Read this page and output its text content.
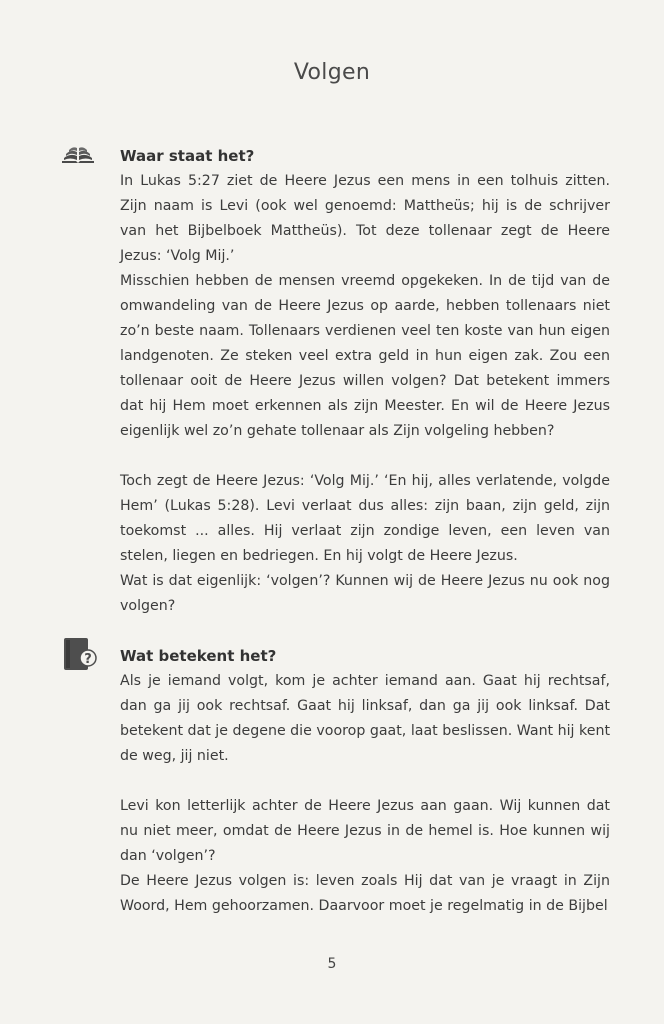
Volgen

Waar staat het?

In Lukas 5:27 ziet de Heere Jezus een mens in een tolhuis zitten. Zijn naam is Levi (ook wel genoemd: Mattheüs; hij is de schrijver van het Bijbelboek Mattheüs). Tot deze tollenaar zegt de Heere Jezus: ‘Volg Mij.’

Misschien hebben de mensen vreemd opgekeken. In de tijd van de omwandeling van de Heere Jezus op aarde, hebben tollenaars niet zo’n beste naam. Tollenaars verdienen veel ten koste van hun eigen landgenoten. Ze steken veel extra geld in hun eigen zak. Zou een tollenaar ooit de Heere Jezus willen volgen? Dat betekent immers dat hij Hem moet erkennen als zijn Meester. En wil de Heere Jezus eigenlijk wel zo’n gehate tollenaar als Zijn volgeling hebben?

Toch zegt de Heere Jezus: ‘Volg Mij.’ ‘En hij, alles verlatende, volgde Hem’ (Lukas 5:28). Levi verlaat dus alles: zijn baan, zijn geld, zijn toekomst ... alles. Hij verlaat zijn zondige leven, een leven van stelen, liegen en bedriegen. En hij volgt de Heere Jezus.

Wat is dat eigenlijk: ‘volgen’? Kunnen wij de Heere Jezus nu ook nog volgen?

? Wat betekent het?

Als je iemand volgt, kom je achter iemand aan. Gaat hij rechtsaf, dan ga jij ook rechtsaf. Gaat hij linksaf, dan ga jij ook linksaf. Dat betekent dat je degene die voorop gaat, laat beslissen. Want hij kent de weg, jij niet.

Levi kon letterlijk achter de Heere Jezus aan gaan. Wij kunnen dat nu niet meer, omdat de Heere Jezus in de hemel is. Hoe kunnen wij dan ‘volgen’?

De Heere Jezus volgen is: leven zoals Hij dat van je vraagt in Zijn Woord, Hem gehoorzamen. Daarvoor moet je regelmatig in de Bijbel

5
